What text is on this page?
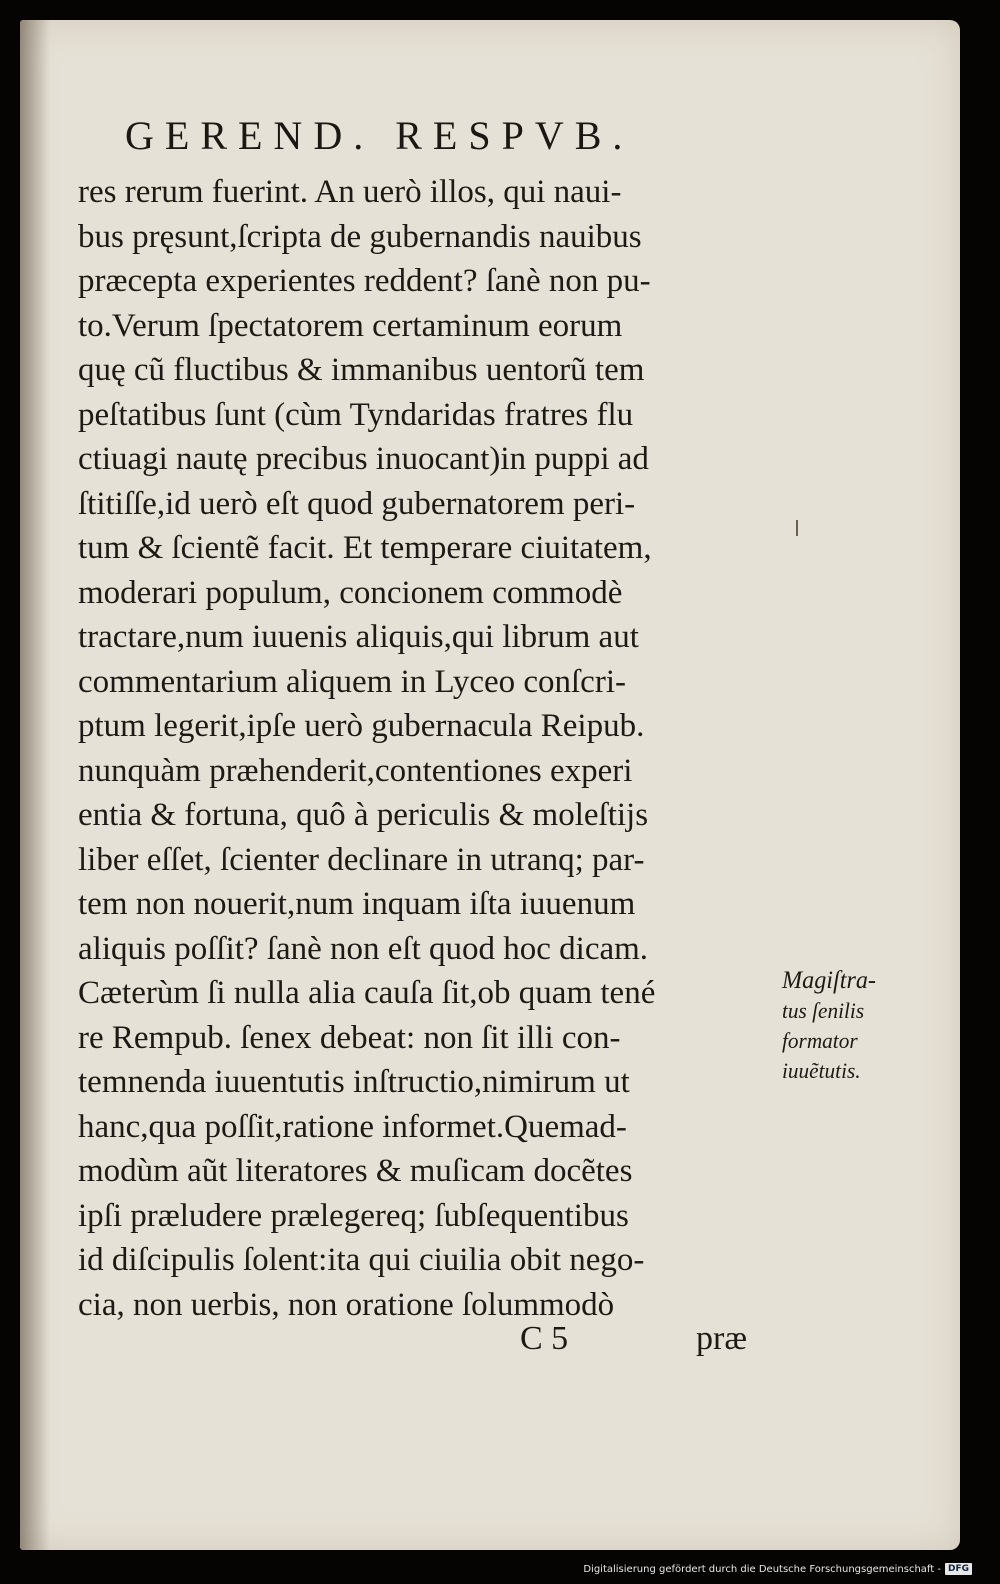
GEREND. RESPVB.
res rerum fuerint. An uerò illos, qui naui-
bus pręsunt,ſcripta de gubernandis nauibus
præcepta experientes reddent? ſanè non pu-
to.Verum ſpectatorem certaminum eorum
quę cũ fluctibus & immanibus uentorũ tem
peſtatibus ſunt (cùm Tyndaridas fratres flu
ctiuagi nautę precibus inuocant)in puppi ad
ſtitiſſe,id uerò eſt quod gubernatorem peri-
tum & ſcientẽ facit. Et temperare ciuitatem,
moderari populum, concionem commodè
tractare,num iuuenis aliquis,qui librum aut
commentarium aliquem in Lyceo conſcri-
ptum legerit,ipſe uerò gubernacula Reipub.
nunquàm præhenderit,contentiones experi
entia & fortuna, quô à periculis & moleſtijs
liber eſſet, ſcienter declinare in utranq; par-
tem non nouerit,num inquam iſta iuuenum
aliquis poſſit? ſanè non eſt quod hoc dicam.
Cæterùm ſi nulla alia cauſa ſit,ob quam tené
re Rempub. ſenex debeat: non ſit illi con-
temnenda iuuentutis inſtructio,nimirum ut
hanc,qua poſſit,ratione informet.Quemad-
modùm aũt literatores & muſicam docẽtes
ipſi præludere prælegereq; ſubſequentibus
id diſcipulis ſolent:ita qui ciuilia obit nego-
cia, non uerbis, non oratione ſolummodò
Magiſtra- tus ſenilis formator iuuẽtutis.
C 5	præ
Digitalisierung gefördert durch die Deutsche Forschungsgemeinschaft - DFG
